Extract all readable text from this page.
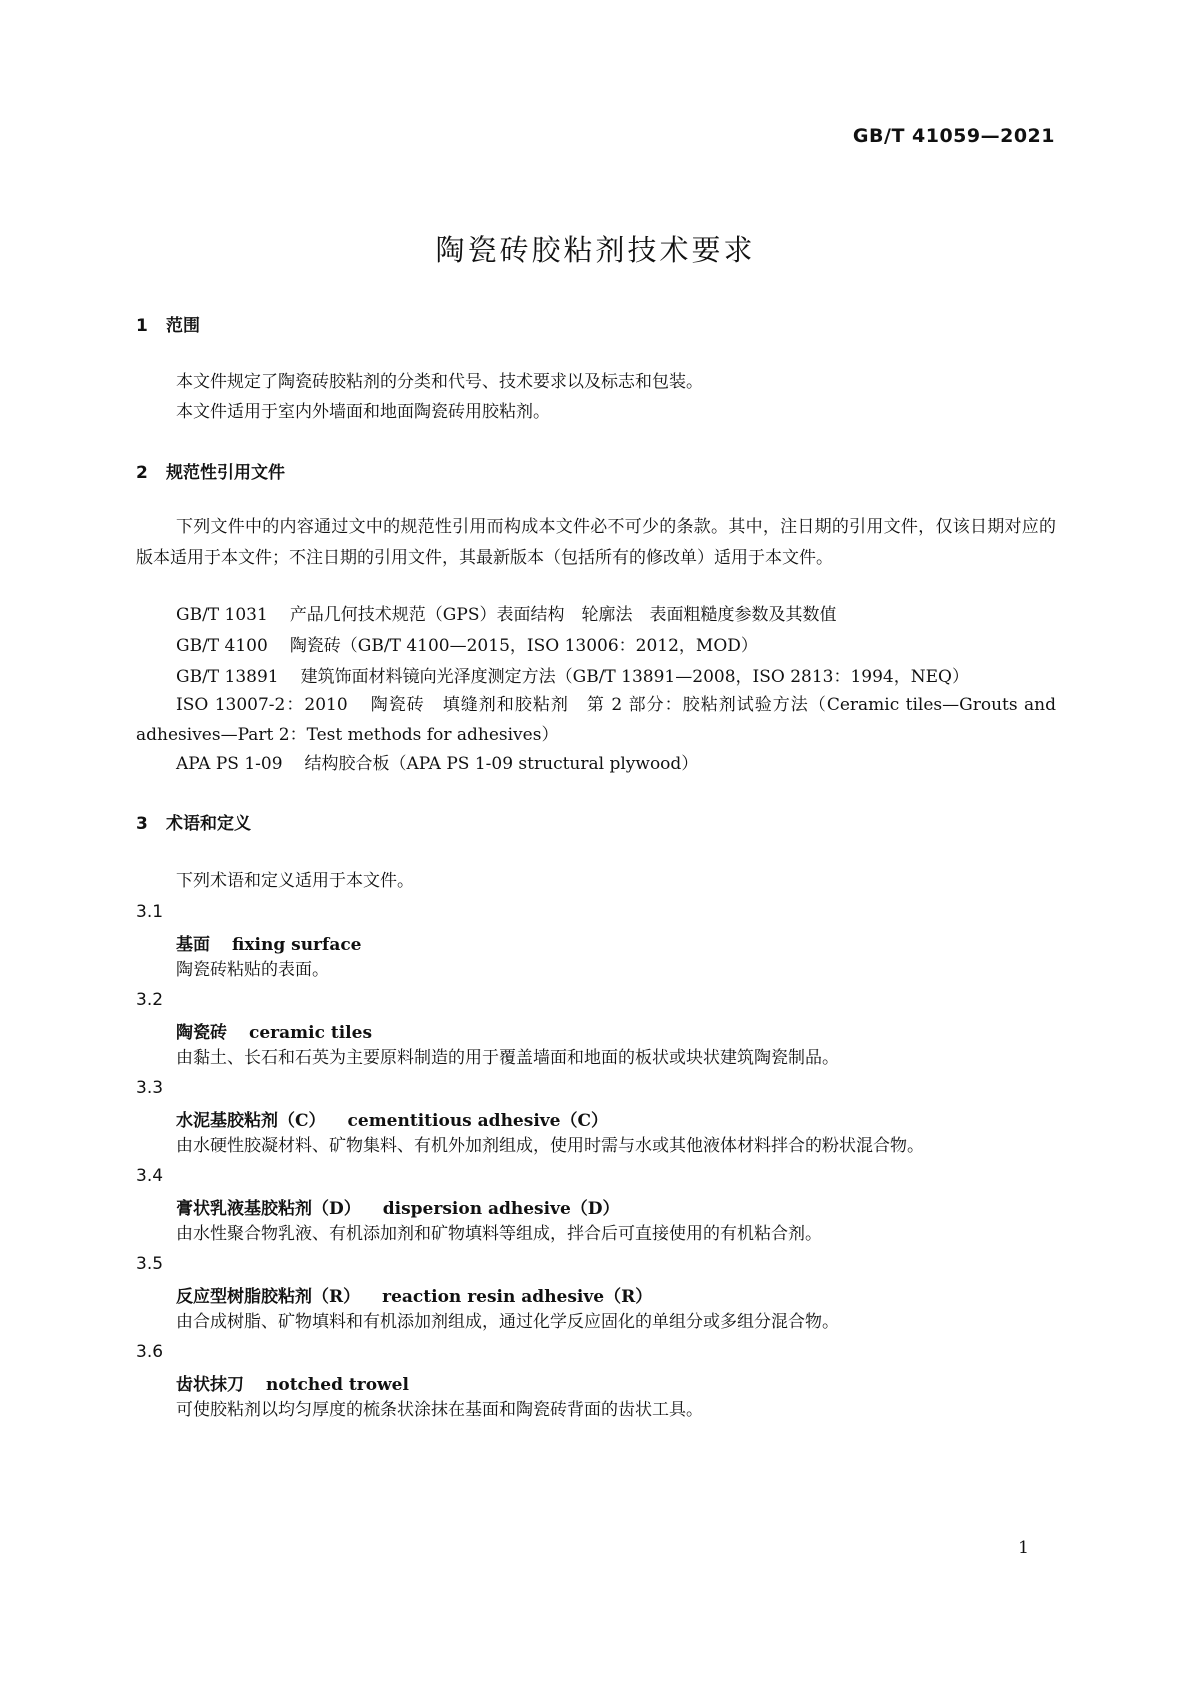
GB/T 41059—2021
陶瓷砖胶粘剂技术要求
1 范围
本文件规定了陶瓷砖胶粘剂的分类和代号、技术要求以及标志和包装。
本文件适用于室内外墙面和地面陶瓷砖用胶粘剂。
2 规范性引用文件
下列文件中的内容通过文中的规范性引用而构成本文件必不可少的条款。其中，注日期的引用文件，仅该日期对应的版本适用于本文件；不注日期的引用文件，其最新版本（包括所有的修改单）适用于本文件。
GB/T 1031 产品几何技术规范（GPS）表面结构　轮廓法　表面粗糙度参数及其数值
GB/T 4100 陶瓷砖（GB/T 4100—2015，ISO 13006：2012，MOD）
GB/T 13891 建筑饰面材料镜向光泽度测定方法（GB/T 13891—2008，ISO 2813：1994，NEQ）
ISO 13007-2：2010 陶瓷砖　填缝剂和胶粘剂　第 2 部分：胶粘剂试验方法（Ceramic tiles—Grouts and adhesives—Part 2：Test methods for adhesives）
APA PS 1-09 结构胶合板（APA PS 1-09 structural plywood）
3 术语和定义
下列术语和定义适用于本文件。
3.1
基面 fixing surface
陶瓷砖粘贴的表面。
3.2
陶瓷砖 ceramic tiles
由黏土、长石和石英为主要原料制造的用于覆盖墙面和地面的板状或块状建筑陶瓷制品。
3.3
水泥基胶粘剂（C） cementitious adhesive（C）
由水硬性胶凝材料、矿物集料、有机外加剂组成，使用时需与水或其他液体材料拌合的粉状混合物。
3.4
膏状乳液基胶粘剂（D） dispersion adhesive（D）
由水性聚合物乳液、有机添加剂和矿物填料等组成，拌合后可直接使用的有机粘合剂。
3.5
反应型树脂胶粘剂（R） reaction resin adhesive（R）
由合成树脂、矿物填料和有机添加剂组成，通过化学反应固化的单组分或多组分混合物。
3.6
齿状抹刀 notched trowel
可使胶粘剂以均匀厚度的梳条状涂抹在基面和陶瓷砖背面的齿状工具。
1
